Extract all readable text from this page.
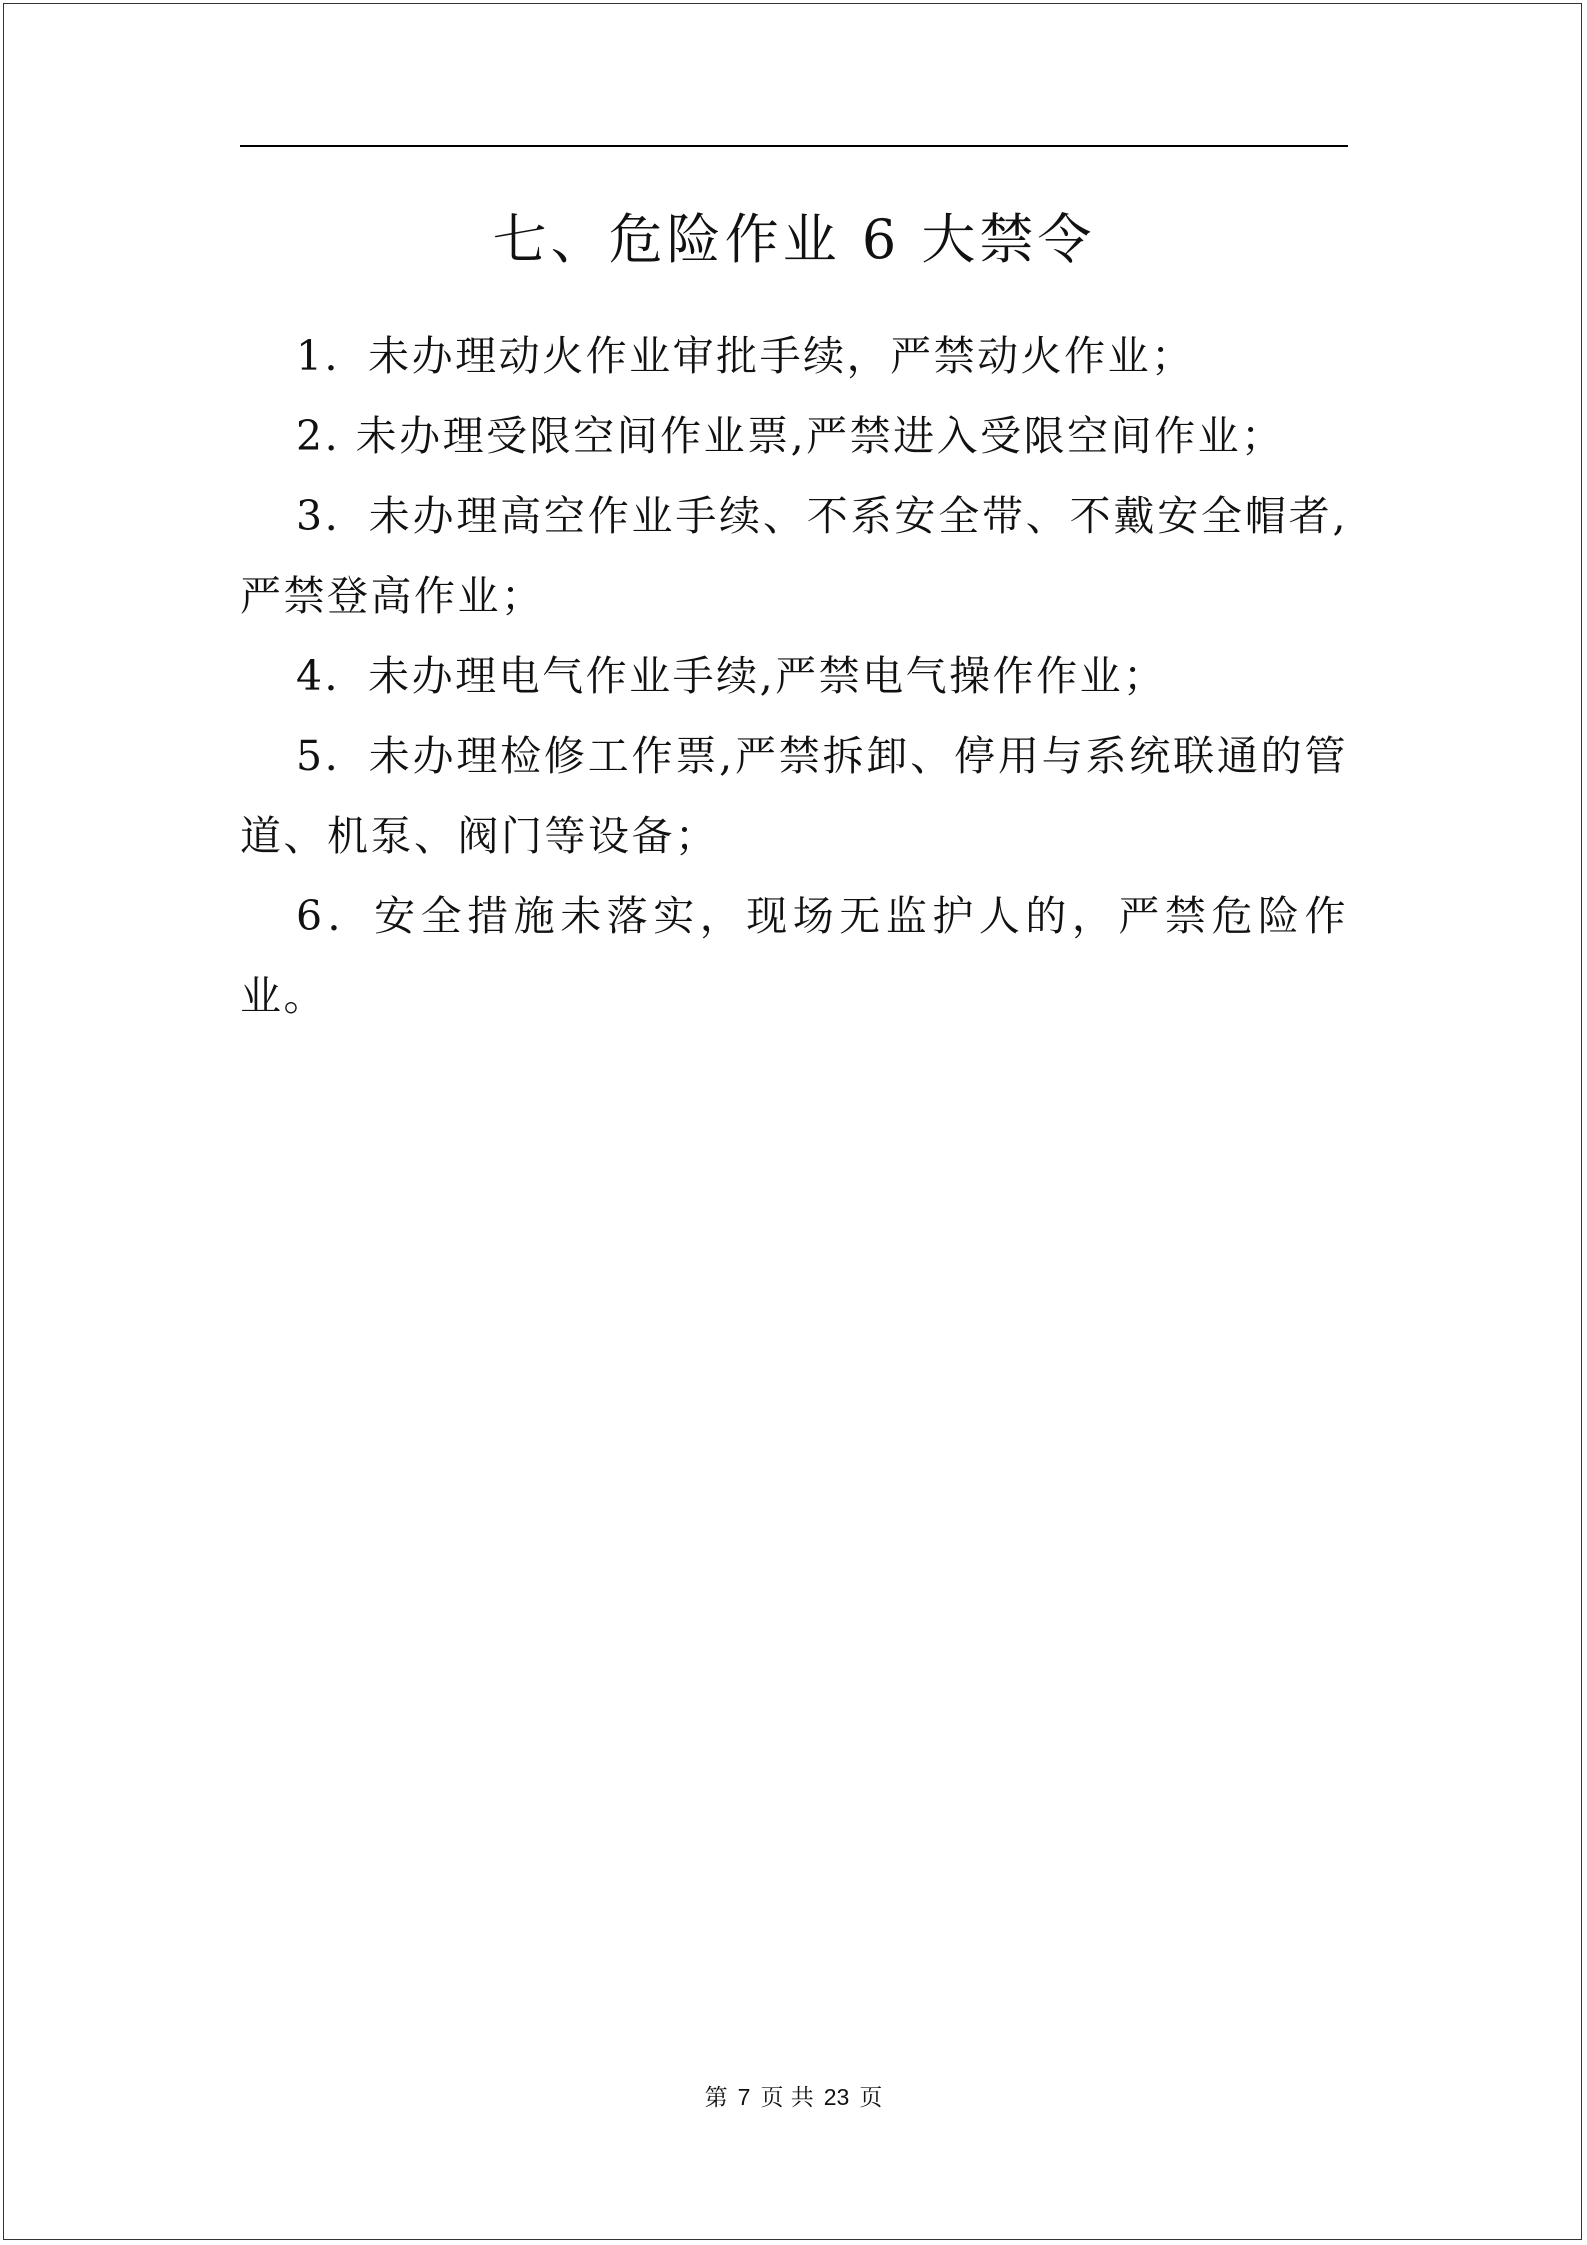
七、危险作业 6 大禁令

1．未办理动火作业审批手续，严禁动火作业；

2. 未办理受限空间作业票,严禁进入受限空间作业；

3．未办理高空作业手续、不系安全带、不戴安全帽者,严禁登高作业；

4．未办理电气作业手续,严禁电气操作作业；

5．未办理检修工作票,严禁拆卸、停用与系统联通的管道、机泵、阀门等设备；

6．安全措施未落实，现场无监护人的，严禁危险作业。

第 7 页 共 23 页
